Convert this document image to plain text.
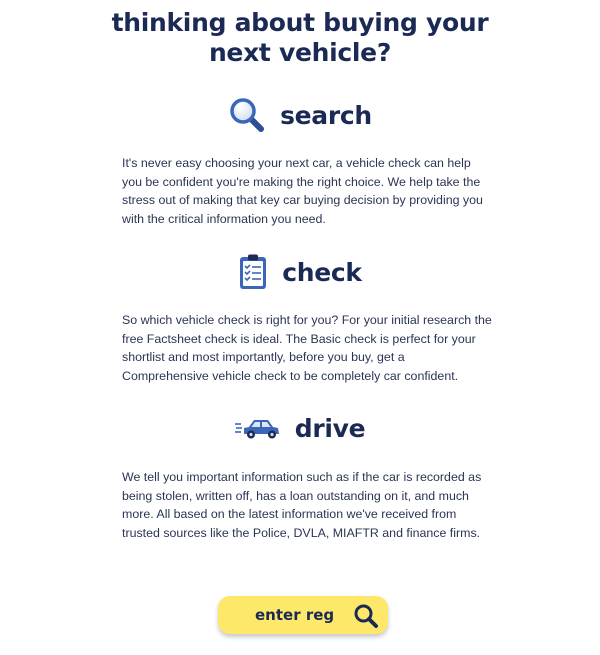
thinking about buying your
next vehicle?
search
It's never easy choosing your next car, a vehicle check can help you be confident you're making the right choice. We help take the stress out of making that key car buying decision by providing you with the critical information you need.
check
So which vehicle check is right for you? For your initial research the free Factsheet check is ideal. The Basic check is perfect for your shortlist and most importantly, before you buy, get a Comprehensive vehicle check to be completely car confident.
drive
We tell you important information such as if the car is recorded as being stolen, written off, has a loan outstanding on it, and much more. All based on the latest information we've received from trusted sources like the Police, DVLA, MIAFTR and finance firms.
enter reg
